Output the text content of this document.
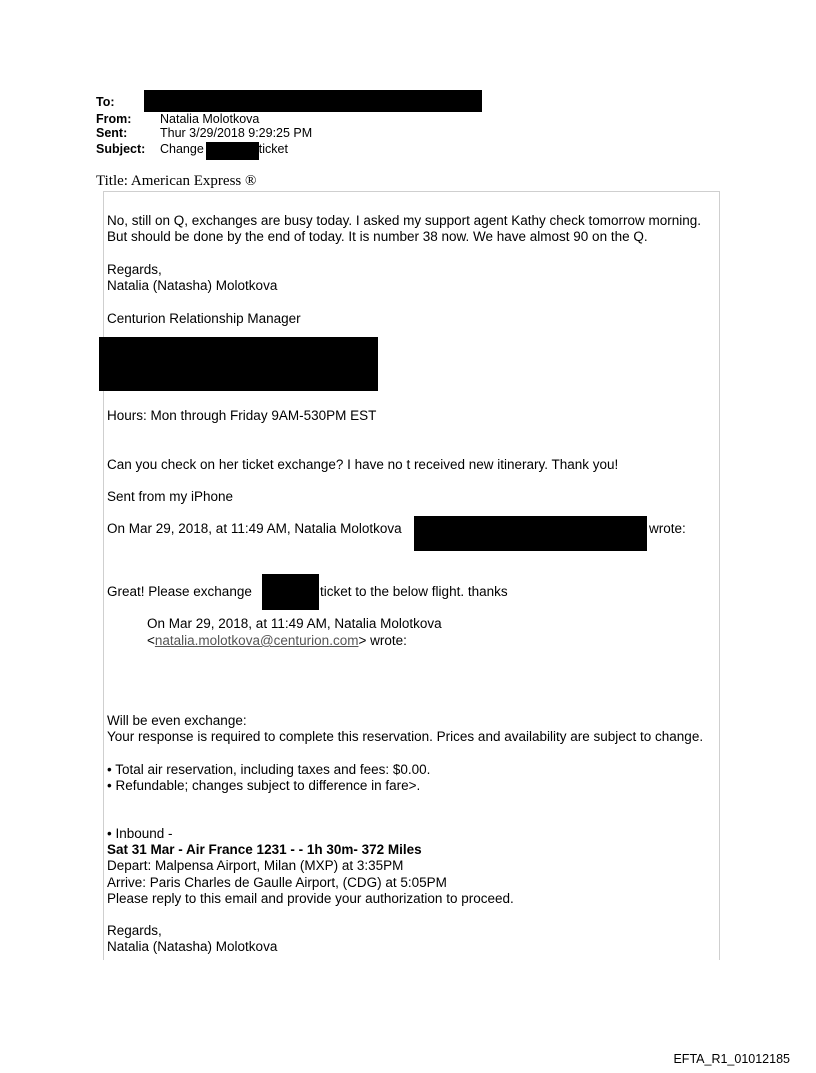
To:
From: Natalia Molotkova
Sent:	Thur 3/29/2018 9:29:25 PM
Subject: Change	ticket
Title: American Express ®
No, still on Q, exchanges are busy today. I asked my support agent Kathy check tomorrow morning. But should be done by the end of today. It is number 38 now. We have almost 90 on the Q.
Regards,
Natalia (Natasha) Molotkova
Centurion Relationship Manager
Hours: Mon through Friday 9AM-530PM EST
Can you check on her ticket exchange? I have no t received new itinerary. Thank you!
Sent from my iPhone
On Mar 29, 2018, at 11:49 AM, Natalia Molotkova	wrote:
Great! Please exchange	ticket to the below flight. thanks
On Mar 29, 2018, at 11:49 AM, Natalia Molotkova
<natalia.molotkova@centurion.com> wrote:
Will be even exchange:
Your response is required to complete this reservation. Prices and availability are subject to change.
• Total air reservation, including taxes and fees: $0.00.
• Refundable; changes subject to difference in fare>.
• Inbound -
Sat 31 Mar - Air France 1231 - - 1h 30m- 372 Miles
Depart: Malpensa Airport, Milan (MXP) at 3:35PM
Arrive: Paris Charles de Gaulle Airport, (CDG) at 5:05PM
Please reply to this email and provide your authorization to proceed.
Regards,
Natalia (Natasha) Molotkova
EFTA_R1_01012185
